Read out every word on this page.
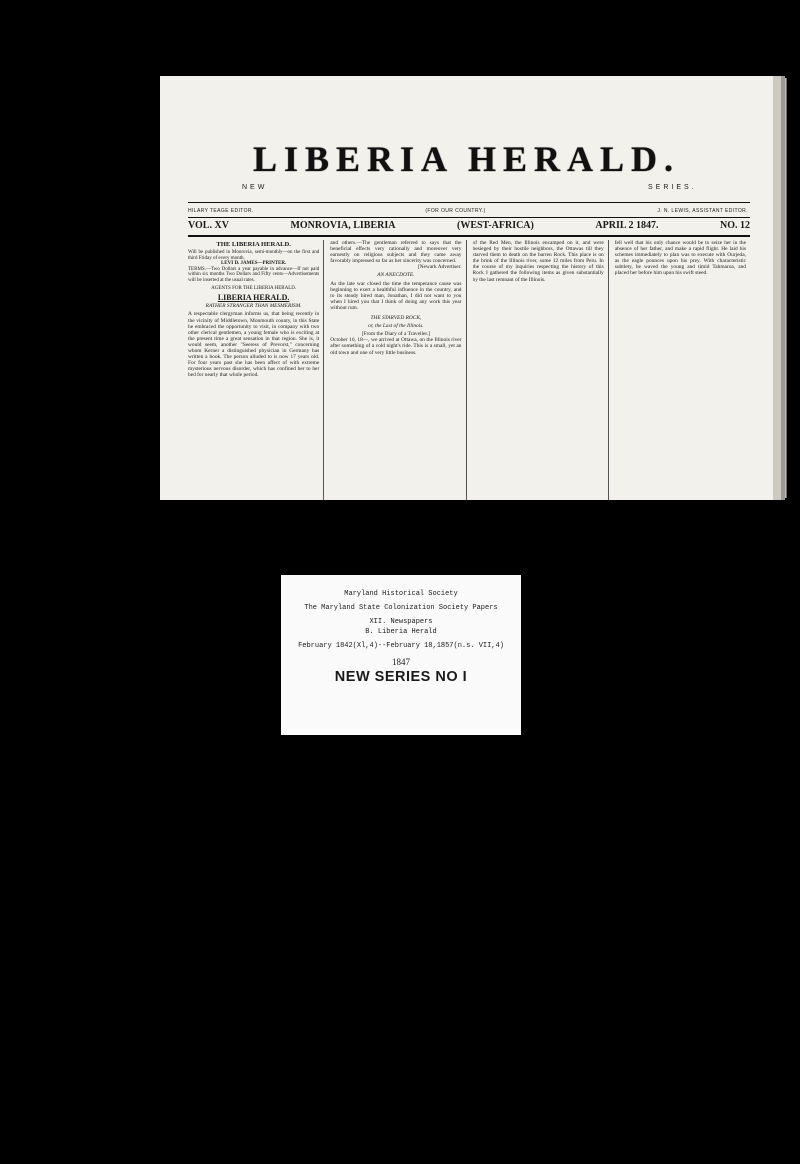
LIBERIA HERALD.
NEW	SERIES.
HILARY TEAGE EDITOR.	(FOR OUR COUNTRY.)	J. N. LEWIS, ASSISTANT EDITOR.
VOL. XV	MONROVIA, LIBERIA	(WEST-AFRICA)	APRIL 2 1847.	NO. 12
THE LIBERIA HERALD.
Will be published in Monrovia, semi-monthly—on the first and third Friday of every month.
LEVI D. JAMES—PRINTER.
TERMS.—Two Dollars a year payable in advance—If not paid within six months Two Dollars and Fifty cents—Advertisements will be inserted at the usual rates.
AGENTS FOR THE LIBERIA HERALD.
LIBERIA HERALD.
RATHER STRANGER THAN MESMERISM.
A respectable clergyman informs us, that being recently in the vicinity of Middletown, Monmouth county, in this State he embraced the opportunity to visit, in company with two other clerical gentlemen, a young female who is exciting at the present time a great sensation in that region. She is, it would seem, another "Seeress of Prevorst," concerning whom Kerner a distinguished physician in Germany has written a book. The person alluded to is now 17 years old. For four years past she has been affect of with extreme mysterious nervous disorder, which has confined her to her bed for nearly that whole period.
and others.—The gentleman referred to says that the beneficial effects very rationally and moreover very earnestly on religious subjects and they came away favorably impressed so far as her sincerity was concerned.
[Newark Advertiser.
AN ANECDOTE.
As the late war closed the time the temperance cause was beginning to exert a healthful influence in the country, and to its steady hired man, Jonathan, I did not want to you when I hired you that I think of doing any work this year without rum.
THE STARVED ROCK,
or, the Last of the Illinois.
[From the Diary of a Traveller.]
October 16, 18—, we arrived at Ottawa, on the Illinois river after something of a cold night's ride. This is a small, yet an old town and one of very little business.
of the Red Men, the Illinois encamped on it, and were besieged by their hostile neighbors, the Ottawas till they starved them to death on the barren Rock. This place is on the brink of the Illinois river, some 12 miles from Peru. In the course of my inquiries respecting the history of this Rock I gathered the following items as given substantially by the last remnant of the Illinois.
fell well that his only chance would be to seize her in the absence of her father, and make a rapid flight. He laid his schemes immediately to plan was to execute with Ourjeda, as the eagle pounces upon his prey. With characteristic subtlety, he waved the young and timid Tahmaroa, and placed her before him upon his swift steed.
Maryland Historical Society
The Maryland State Colonization Society Papers
XII. Newspapers
B. Liberia Herald
February 1842(Xl,4)--February 18,1857(n.s. VII,4)
1847
NEW SERIES NO I
